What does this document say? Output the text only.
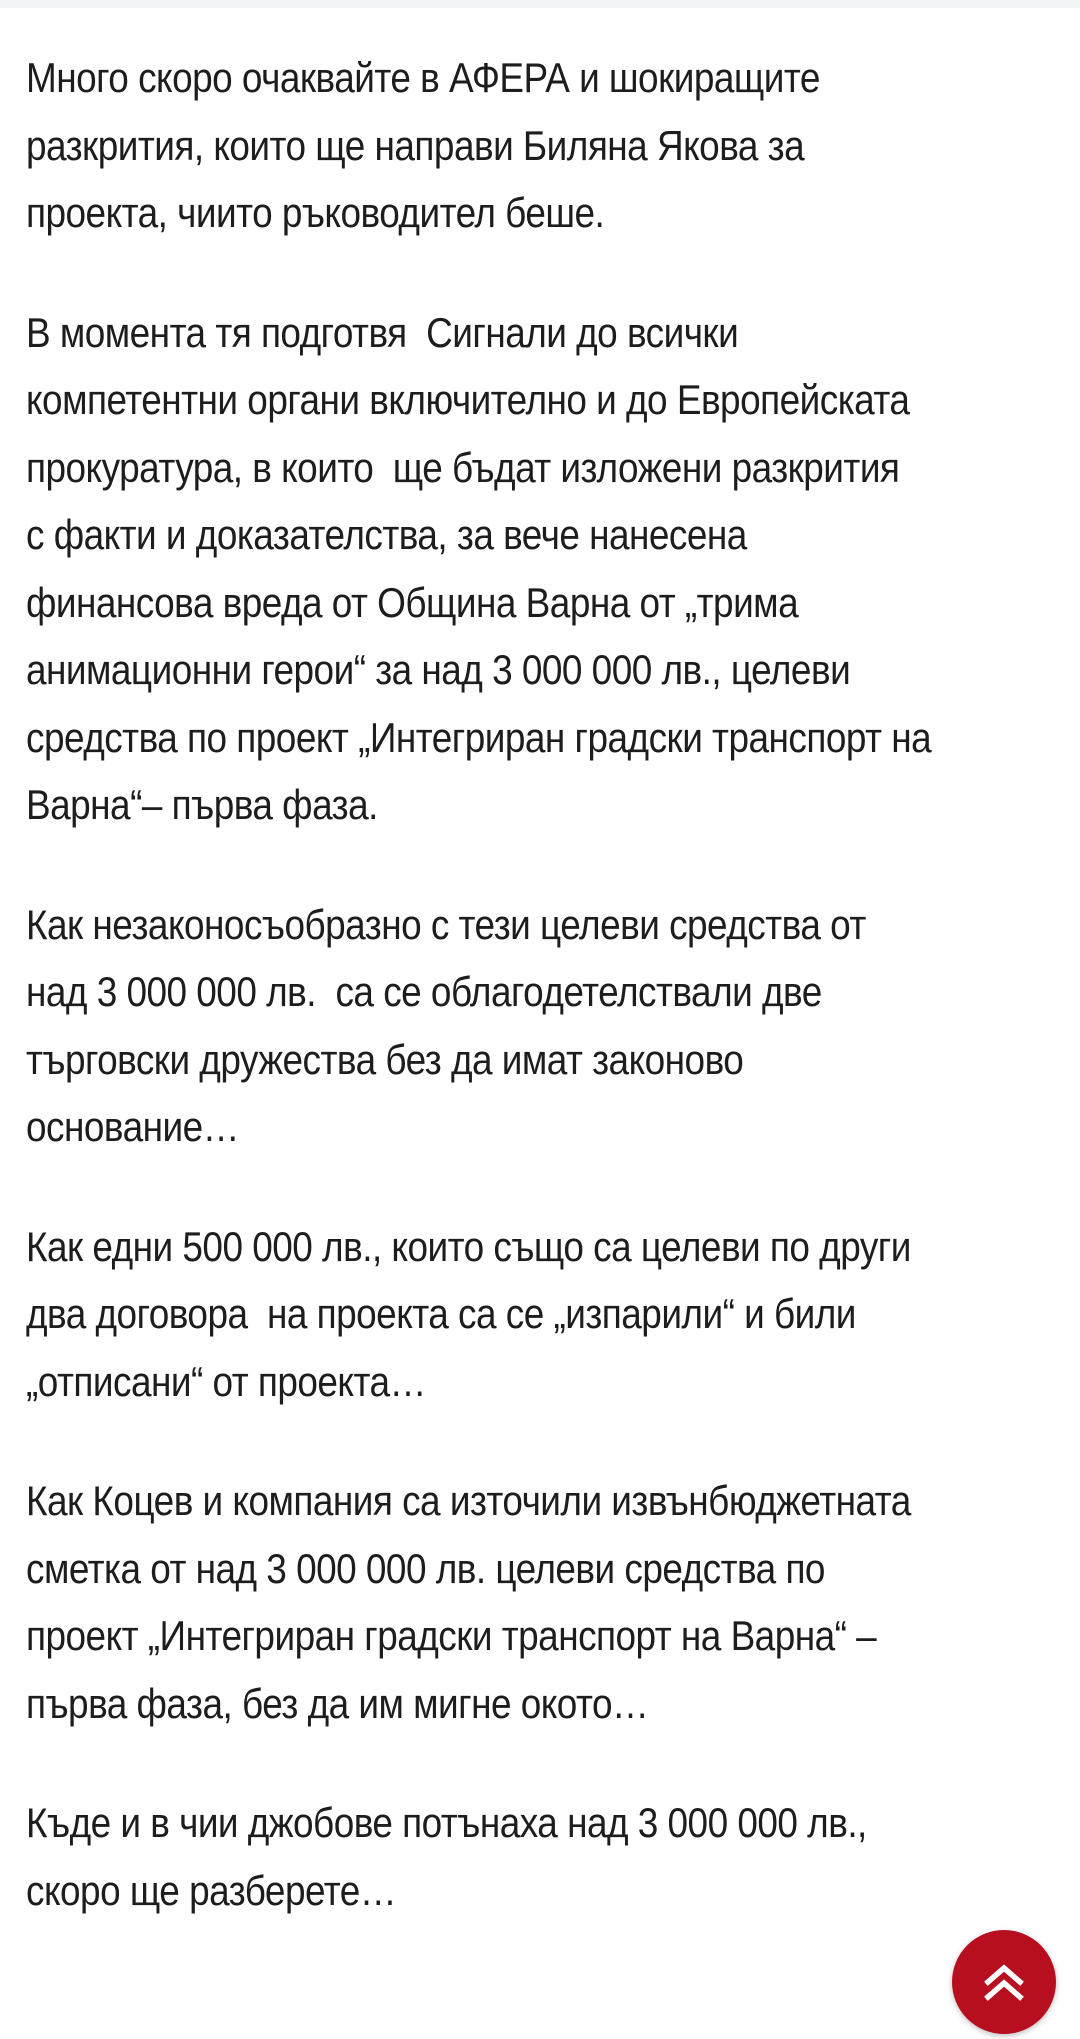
Много скоро очаквайте в АФЕРА и шокиращите разкрития, които ще направи Биляна Якова за проекта, чиито ръководител беше.

В момента тя подготвя  Сигнали до всички компетентни органи включително и до Европейската прокуратура, в които  ще бъдат изложени разкрития  с факти и доказателства, за вече нанесена финансова вреда от Община Варна от „трима анимационни герои“ за над 3 000 000 лв., целеви средства по проект „Интегриран градски транспорт на Варна“– първа фаза.

Как незаконосъобразно с тези целеви средства от над 3 000 000 лв.  са се облагодетелствали две търговски дружества без да имат законово основание…

Как едни 500 000 лв., които също са целеви по други два договора  на проекта са се „изпарили“ и били „отписани“ от проекта…

Как Коцев и компания са източили извънбюджетната сметка от над 3 000 000 лв. целеви средства по проект „Интегриран градски транспорт на Варна“ – първа фаза, без да им мигне окото…

Къде и в чии джобове потънаха над 3 000 000 лв., скоро ще разберете…
